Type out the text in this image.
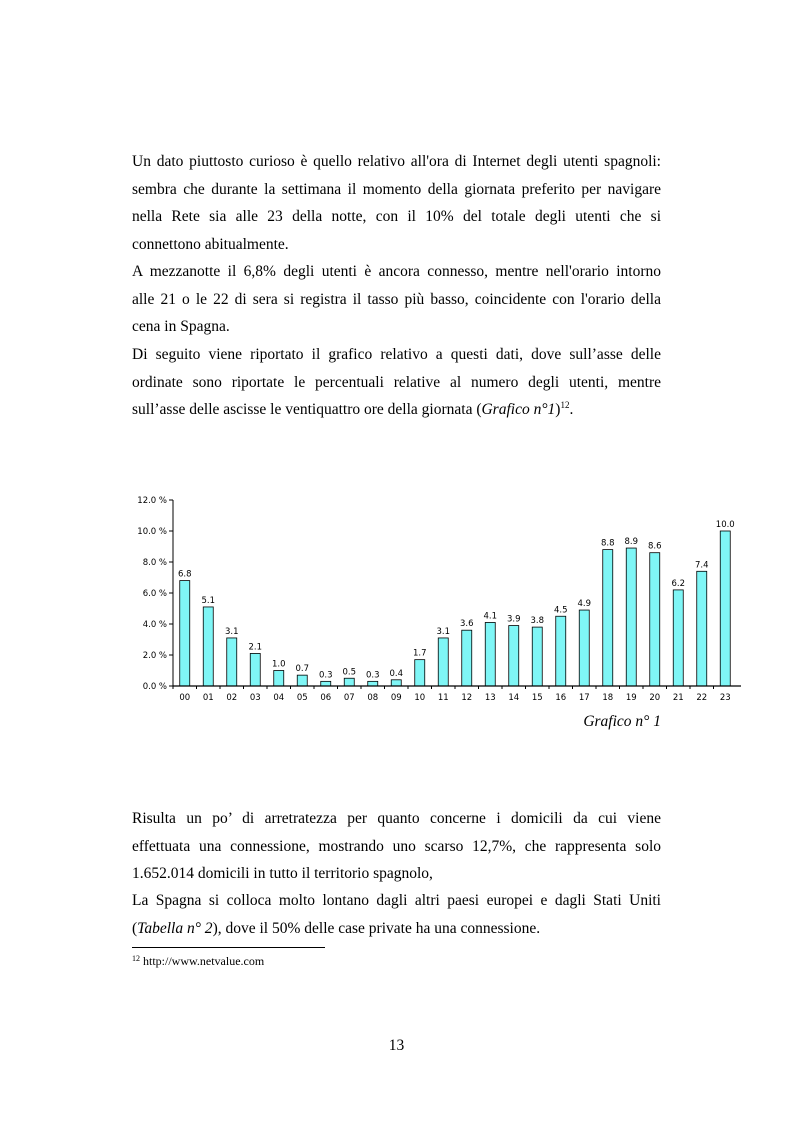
Un dato piuttosto curioso è quello relativo all'ora di Internet degli utenti spagnoli:

sembra che durante la settimana il momento della giornata preferito per navigare

nella Rete sia alle 23 della notte, con il 10% del totale degli utenti che si

connettono abitualmente.

A mezzanotte il 6,8% degli utenti è ancora connesso, mentre nell'orario intorno

alle 21 o le 22 di sera si registra il tasso più basso, coincidente con l'orario della

cena in Spagna.

Di seguito viene riportato il grafico relativo a questi dati, dove sull’asse delle

ordinate sono riportate le percentuali relative al numero degli utenti, mentre

sull’asse delle ascisse le ventiquattro ore della giornata (Grafico n°1)$^{12}$.

0.0 %
2.0 %
4.0 %
6.0 %
8.0 %
10.0 %
12.0 %
6.8
00
5.1
01
3.1
02
2.1
03
1.0
04
0.7
05
0.3
06
0.5
07
0.3
08
0.4
09
1.7
10
3.1
11
3.6
12
4.1
13
3.9
14
3.8
15
4.5
16
4.9
17
8.8
18
8.9
19
8.6
20
6.2
21
7.4
22
10.0
23
Grafico n° 1

Risulta un po’ di arretratezza per quanto concerne i domicili da cui viene

effettuata una connessione, mostrando uno scarso 12,7%, che rappresenta solo

1.652.014 domicili in tutto il territorio spagnolo,

La Spagna si colloca molto lontano dagli altri paesi europei e dagli Stati Uniti

(Tabella n° 2), dove il 50% delle case private ha una connessione.

$^{12}$ http://www.netvalue.com
13
